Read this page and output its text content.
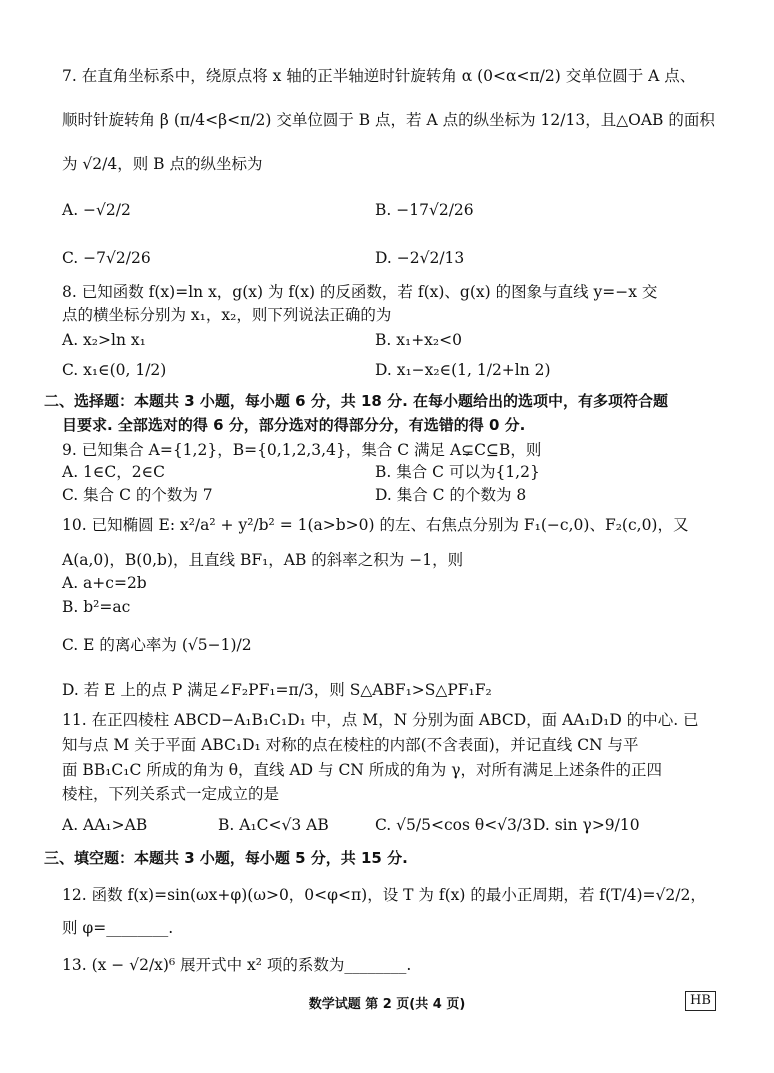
7. 在直角坐标系中，绕原点将 x 轴的正半轴逆时针旋转角 α (0<α<π/2) 交单位圆于 A 点、
顺时针旋转角 β (π/4<β<π/2) 交单位圆于 B 点，若 A 点的纵坐标为 12/13，且△OAB 的面积
为 √2/4，则 B 点的纵坐标为
A. −√2/2	B. −17√2/26
C. −7√2/26	D. −2√2/13
8. 已知函数 f(x)=ln x，g(x) 为 f(x) 的反函数，若 f(x)、g(x) 的图象与直线 y=−x 交
点的横坐标分别为 x₁，x₂，则下列说法正确的为
A. x₂>ln x₁	B. x₁+x₂<0
C. x₁∈(0, 1/2)	D. x₁−x₂∈(1, 1/2+ln 2)
二、选择题：本题共 3 小题，每小题 6 分，共 18 分. 在每小题给出的选项中，有多项符合题
目要求. 全部选对的得 6 分，部分选对的得部分分，有选错的得 0 分.
9. 已知集合 A={1,2}，B={0,1,2,3,4}，集合 C 满足 A⊊C⊆B，则
A. 1∈C，2∈C	B. 集合 C 可以为{1,2}
C. 集合 C 的个数为 7	D. 集合 C 的个数为 8
10. 已知椭圆 E: x²/a² + y²/b² = 1(a>b>0) 的左、右焦点分别为 F₁(−c,0)、F₂(c,0)，又
A(a,0)，B(0,b)，且直线 BF₁，AB 的斜率之积为 −1，则
A. a+c=2b
B. b²=ac
C. E 的离心率为 (√5−1)/2
D. 若 E 上的点 P 满足∠F₂PF₁=π/3，则 S△ABF₁>S△PF₁F₂
11. 在正四棱柱 ABCD−A₁B₁C₁D₁ 中，点 M，N 分别为面 ABCD，面 AA₁D₁D 的中心. 已
知与点 M 关于平面 ABC₁D₁ 对称的点在棱柱的内部(不含表面)，并记直线 CN 与平
面 BB₁C₁C 所成的角为 θ，直线 AD 与 CN 所成的角为 γ，对所有满足上述条件的正四
棱柱，下列关系式一定成立的是
A. AA₁>AB	B. A₁C<√3 AB	C. √5/5<cos θ<√3/3 D. sin γ>9/10
三、填空题：本题共 3 小题，每小题 5 分，共 15 分.
12. 函数 f(x)=sin(ωx+φ)(ω>0，0<φ<π)，设 T 为 f(x) 的最小正周期，若 f(T/4)=√2/2，
则 φ=________.
13. (x − √2/x)⁶ 展开式中 x² 项的系数为________.
数学试题 第 2 页(共 4 页)	HB
